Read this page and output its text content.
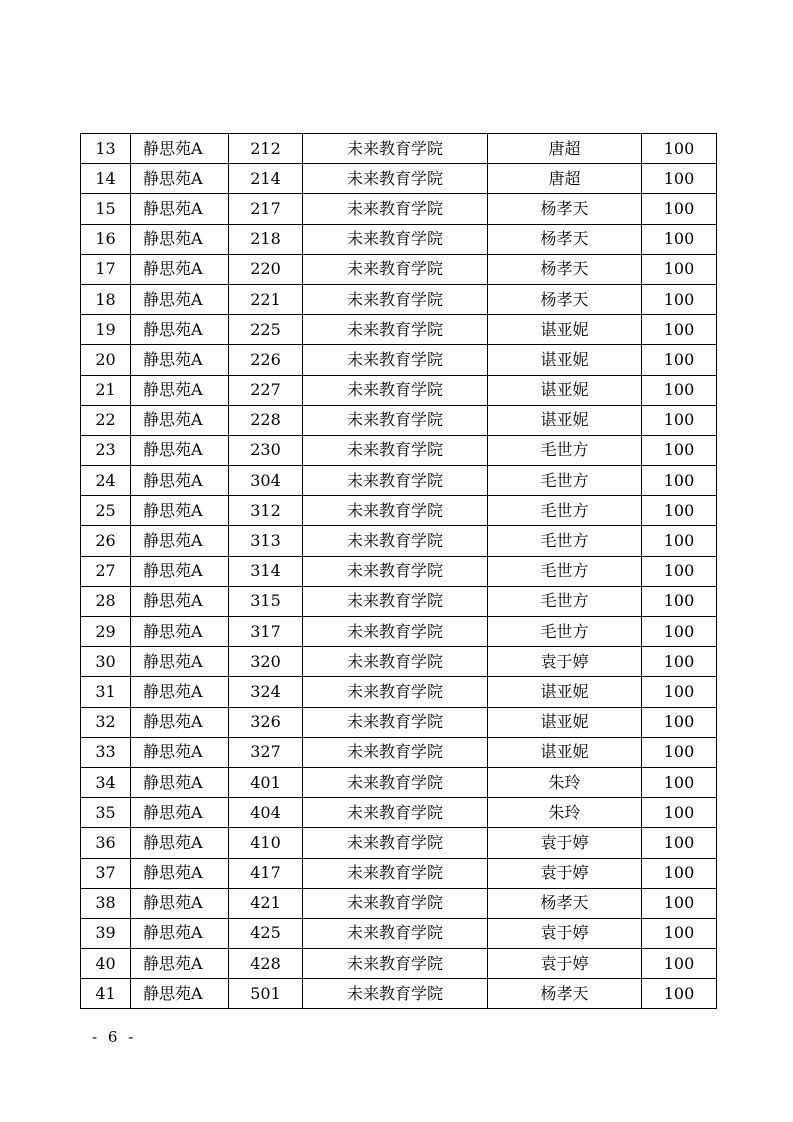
13	静思苑A	212	未来教育学院	唐超	100
14	静思苑A	214	未来教育学院	唐超	100
15	静思苑A	217	未来教育学院	杨孝天	100
16	静思苑A	218	未来教育学院	杨孝天	100
17	静思苑A	220	未来教育学院	杨孝天	100
18	静思苑A	221	未来教育学院	杨孝天	100
19	静思苑A	225	未来教育学院	谌亚妮	100
20	静思苑A	226	未来教育学院	谌亚妮	100
21	静思苑A	227	未来教育学院	谌亚妮	100
22	静思苑A	228	未来教育学院	谌亚妮	100
23	静思苑A	230	未来教育学院	毛世方	100
24	静思苑A	304	未来教育学院	毛世方	100
25	静思苑A	312	未来教育学院	毛世方	100
26	静思苑A	313	未来教育学院	毛世方	100
27	静思苑A	314	未来教育学院	毛世方	100
28	静思苑A	315	未来教育学院	毛世方	100
29	静思苑A	317	未来教育学院	毛世方	100
30	静思苑A	320	未来教育学院	袁于婷	100
31	静思苑A	324	未来教育学院	谌亚妮	100
32	静思苑A	326	未来教育学院	谌亚妮	100
33	静思苑A	327	未来教育学院	谌亚妮	100
34	静思苑A	401	未来教育学院	朱玲	100
35	静思苑A	404	未来教育学院	朱玲	100
36	静思苑A	410	未来教育学院	袁于婷	100
37	静思苑A	417	未来教育学院	袁于婷	100
38	静思苑A	421	未来教育学院	杨孝天	100
39	静思苑A	425	未来教育学院	袁于婷	100
40	静思苑A	428	未来教育学院	袁于婷	100
41	静思苑A	501	未来教育学院	杨孝天	100
- 6 -
